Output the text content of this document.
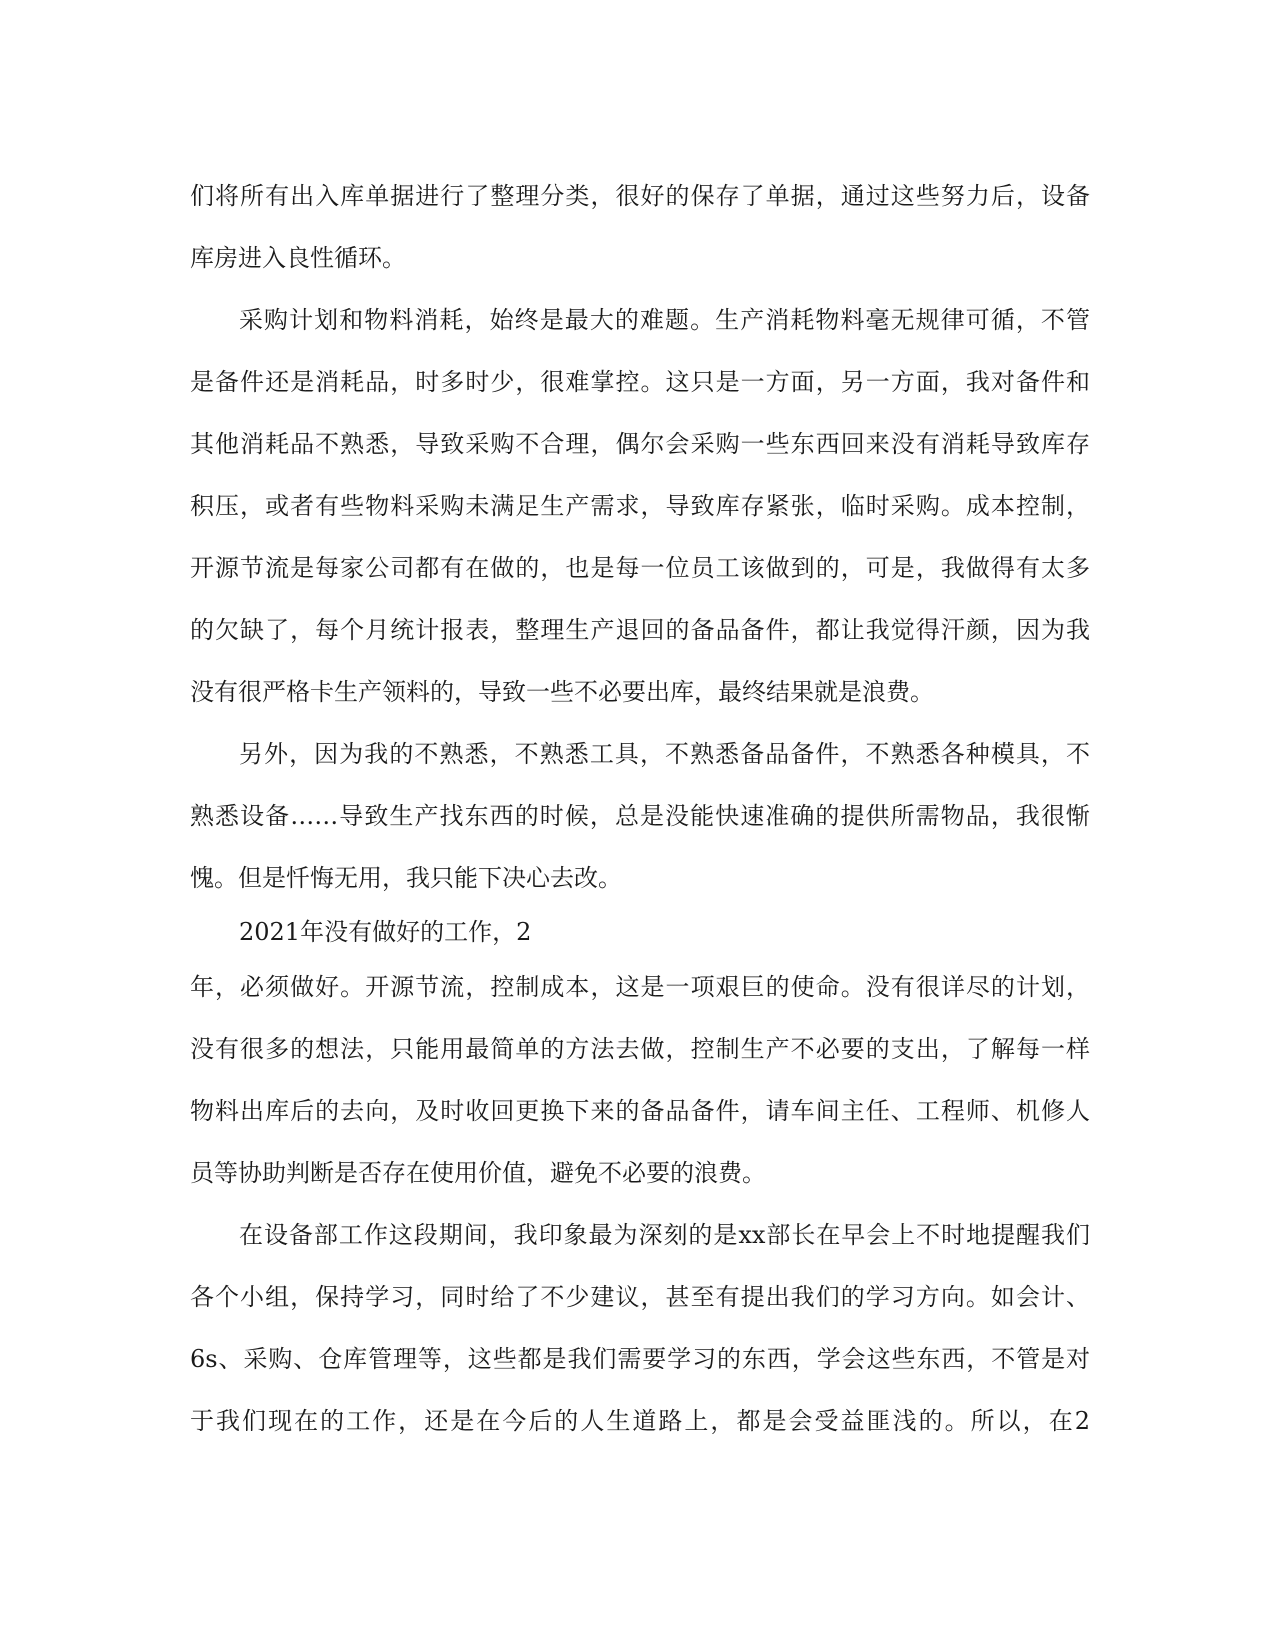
们将所有出入库单据进行了整理分类，很好的保存了单据，通过这些努力后，设备
库房进入良性循环。
采购计划和物料消耗，始终是最大的难题。生产消耗物料毫无规律可循，不管
是备件还是消耗品，时多时少，很难掌控。这只是一方面，另一方面，我对备件和
其他消耗品不熟悉，导致采购不合理，偶尔会采购一些东西回来没有消耗导致库存
积压，或者有些物料采购未满足生产需求，导致库存紧张，临时采购。成本控制，
开源节流是每家公司都有在做的，也是每一位员工该做到的，可是，我做得有太多
的欠缺了，每个月统计报表，整理生产退回的备品备件，都让我觉得汗颜，因为我
没有很严格卡生产领料的，导致一些不必要出库，最终结果就是浪费。
另外，因为我的不熟悉，不熟悉工具，不熟悉备品备件，不熟悉各种模具，不
熟悉设备……导致生产找东西的时候，总是没能快速准确的提供所需物品，我很惭
愧。但是忏悔无用，我只能下决心去改。
2021年没有做好的工作，2
年，必须做好。开源节流，控制成本，这是一项艰巨的使命。没有很详尽的计划，
没有很多的想法，只能用最简单的方法去做，控制生产不必要的支出，了解每一样
物料出库后的去向，及时收回更换下来的备品备件，请车间主任、工程师、机修人
员等协助判断是否存在使用价值，避免不必要的浪费。
在设备部工作这段期间，我印象最为深刻的是xx部长在早会上不时地提醒我们
各个小组，保持学习，同时给了不少建议，甚至有提出我们的学习方向。如会计、
6s、采购、仓库管理等，这些都是我们需要学习的东西，学会这些东西，不管是对
于我们现在的工作，还是在今后的人生道路上，都是会受益匪浅的。所以，在2
